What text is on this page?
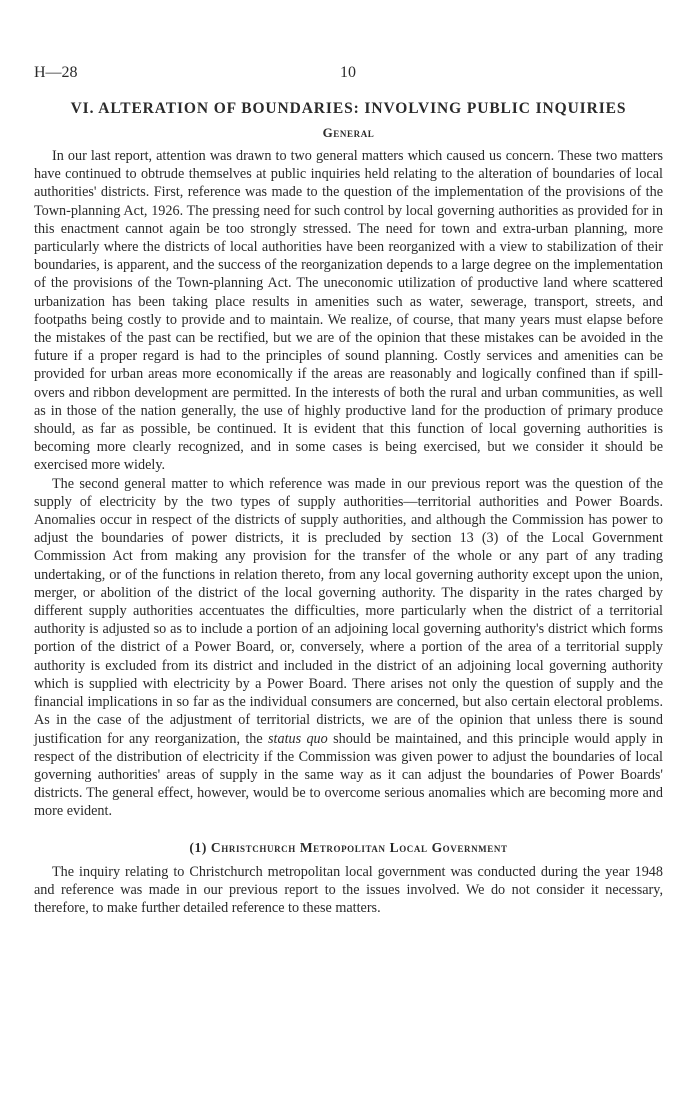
H—28	10
VI. ALTERATION OF BOUNDARIES: INVOLVING PUBLIC INQUIRIES
General

In our last report, attention was drawn to two general matters which caused us concern. These two matters have continued to obtrude themselves at public inquiries held relating to the alteration of boundaries of local authorities' districts. First, reference was made to the question of the implementation of the provisions of the Town-planning Act, 1926. The pressing need for such control by local governing authorities as provided for in this enactment cannot again be too strongly stressed. The need for town and extra-urban planning, more particularly where the districts of local authorities have been reorganized with a view to stabilization of their boundaries, is apparent, and the success of the reorganization depends to a large degree on the implementation of the provisions of the Town-planning Act. The uneconomic utilization of productive land where scattered urbanization has been taking place results in amenities such as water, sewerage, transport, streets, and footpaths being costly to provide and to maintain. We realize, of course, that many years must elapse before the mistakes of the past can be rectified, but we are of the opinion that these mistakes can be avoided in the future if a proper regard is had to the principles of sound planning. Costly services and amenities can be provided for urban areas more economically if the areas are reasonably and logically confined than if spill-overs and ribbon development are permitted. In the interests of both the rural and urban communities, as well as in those of the nation generally, the use of highly productive land for the production of primary produce should, as far as possible, be continued. It is evident that this function of local governing authorities is becoming more clearly recognized, and in some cases is being exercised, but we consider it should be exercised more widely.

The second general matter to which reference was made in our previous report was the question of the supply of electricity by the two types of supply authorities—territorial authorities and Power Boards. Anomalies occur in respect of the districts of supply authorities, and although the Commission has power to adjust the boundaries of power districts, it is precluded by section 13 (3) of the Local Government Commission Act from making any provision for the transfer of the whole or any part of any trading undertaking, or of the functions in relation thereto, from any local governing authority except upon the union, merger, or abolition of the district of the local governing authority. The disparity in the rates charged by different supply authorities accentuates the difficulties, more particularly when the district of a territorial authority is adjusted so as to include a portion of an adjoining local governing authority's district which forms portion of the district of a Power Board, or, conversely, where a portion of the area of a territorial supply authority is excluded from its district and included in the district of an adjoining local governing authority which is supplied with electricity by a Power Board. There arises not only the question of supply and the financial implications in so far as the individual consumers are concerned, but also certain electoral problems. As in the case of the adjustment of territorial districts, we are of the opinion that unless there is sound justification for any reorganization, the status quo should be maintained, and this principle would apply in respect of the distribution of electricity if the Commission was given power to adjust the boundaries of local governing authorities' areas of supply in the same way as it can adjust the boundaries of Power Boards' districts. The general effect, however, would be to overcome serious anomalies which are becoming more and more evident.

(1) Christchurch Metropolitan Local Government

The inquiry relating to Christchurch metropolitan local government was conducted during the year 1948 and reference was made in our previous report to the issues involved. We do not consider it necessary, therefore, to make further detailed reference to these matters.
